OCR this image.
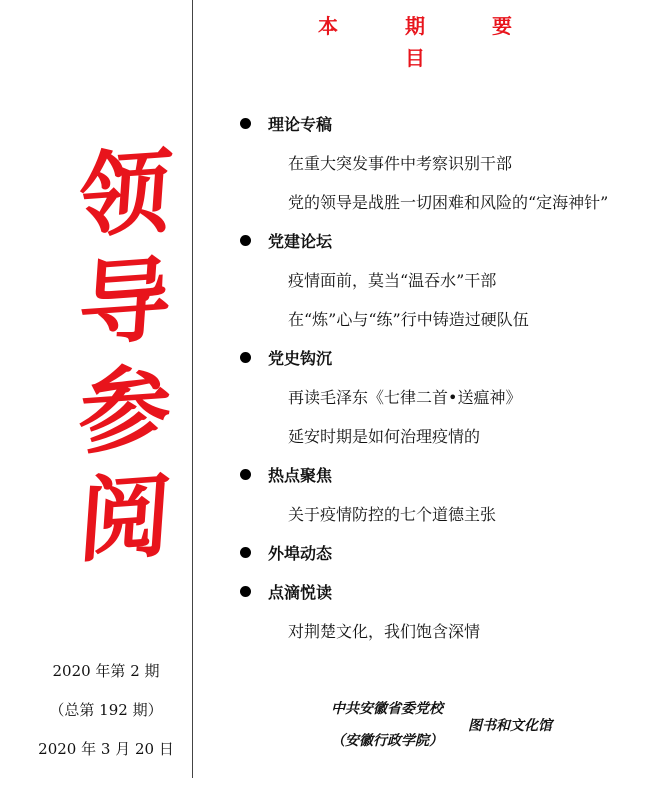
领
导
参
阅
2020 年第 2 期
（总第 192 期）
2020 年 3 月 20 日
本 期 要 目
理论专稿
在重大突发事件中考察识别干部
党的领导是战胜一切困难和风险的“定海神针”
党建论坛
疫情面前，莫当“温吞水”干部
在“炼”心与“练”行中铸造过硬队伍
党史钩沉
再读毛泽东《七律二首•送瘟神》
延安时期是如何治理疫情的
热点聚焦
关于疫情防控的七个道德主张
外埠动态
点滴悦读
对荆楚文化，我们饱含深情
中共安徽省委党校
（安徽行政学院）
图书和文化馆
